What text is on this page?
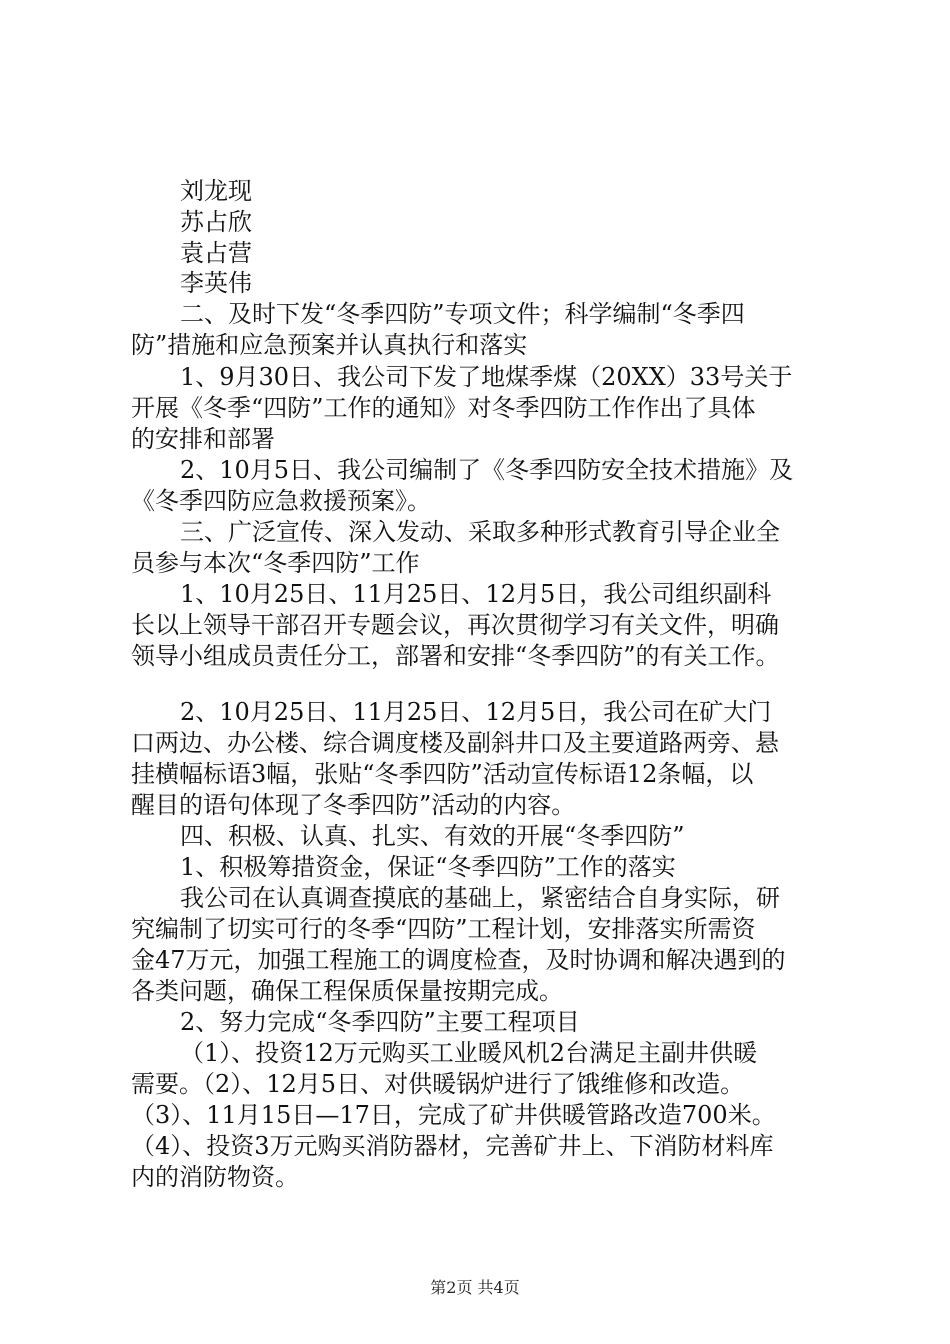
刘龙现
苏占欣
袁占营
李英伟
二、及时下发“冬季四防”专项文件；科学编制“冬季四
防”措施和应急预案并认真执行和落实
1、9月30日、我公司下发了地煤季煤（20XX）33号关于
开展《冬季“四防”工作的通知》对冬季四防工作作出了具体
的安排和部署
2、10月5日、我公司编制了《冬季四防安全技术措施》及
《冬季四防应急救援预案》。
三、广泛宣传、深入发动、采取多种形式教育引导企业全
员参与本次“冬季四防”工作
1、10月25日、11月25日、12月5日，我公司组织副科
长以上领导干部召开专题会议，再次贯彻学习有关文件，明确
领导小组成员责任分工，部署和安排“冬季四防”的有关工作。
2、10月25日、11月25日、12月5日，我公司在矿大门
口两边、办公楼、综合调度楼及副斜井口及主要道路两旁、悬
挂横幅标语3幅，张贴“冬季四防”活动宣传标语12条幅，以
醒目的语句体现了冬季四防”活动的内容。
四、积极、认真、扎实、有效的开展“冬季四防”
1、积极筹措资金，保证“冬季四防”工作的落实
我公司在认真调查摸底的基础上，紧密结合自身实际，研
究编制了切实可行的冬季“四防”工程计划，安排落实所需资
金47万元，加强工程施工的调度检查，及时协调和解决遇到的
各类问题，确保工程保质保量按期完成。
2、努力完成“冬季四防”主要工程项目
（1）、投资12万元购买工业暖风机2台满足主副井供暖
需要。（2）、12月5日、对供暖锅炉进行了饿维修和改造。
（3）、11月15日—17日，完成了矿井供暖管路改造700米。
（4）、投资3万元购买消防器材，完善矿井上、下消防材料库
内的消防物资。
第2页 共4页
